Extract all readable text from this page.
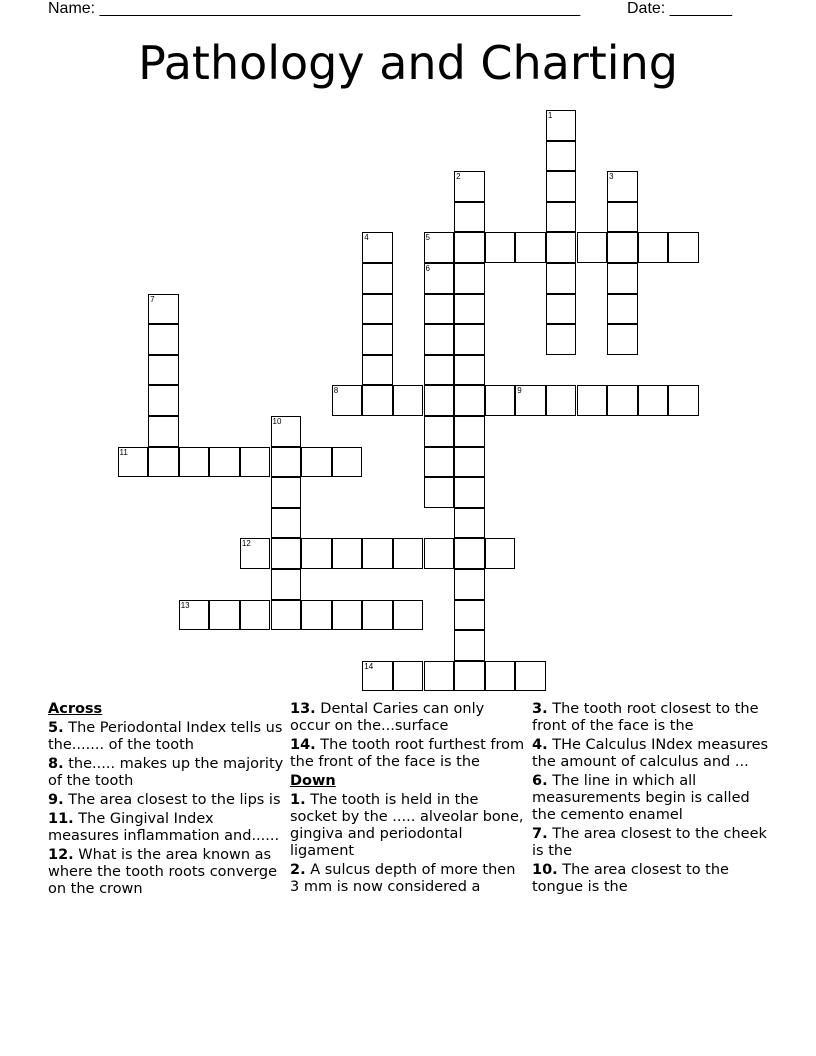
Name: ______________________________________________________	Date: _______
Pathology and Charting
1
2	3
4	5
6
7
8	9
10
11
12
13
14
Across
5. The Periodontal Index tells us the....... of the tooth
8. the..... makes up the majority of the tooth
9. The area closest to the lips is
11. The Gingival Index measures inflammation and......
12. What is the area known as where the tooth roots converge on the crown
13. Dental Caries can only occur on the...surface
14. The tooth root furthest from the front of the face is the
Down
1. The tooth is held in the socket by the ..... alveolar bone, gingiva and periodontal ligament
2. A sulcus depth of more then 3 mm is now considered a
3. The tooth root closest to the front of the face is the
4. THe Calculus INdex measures the amount of calculus and ...
6. The line in which all measurements begin is called the cemento enamel
7. The area closest to the cheek is the
10. The area closest to the tongue is the
